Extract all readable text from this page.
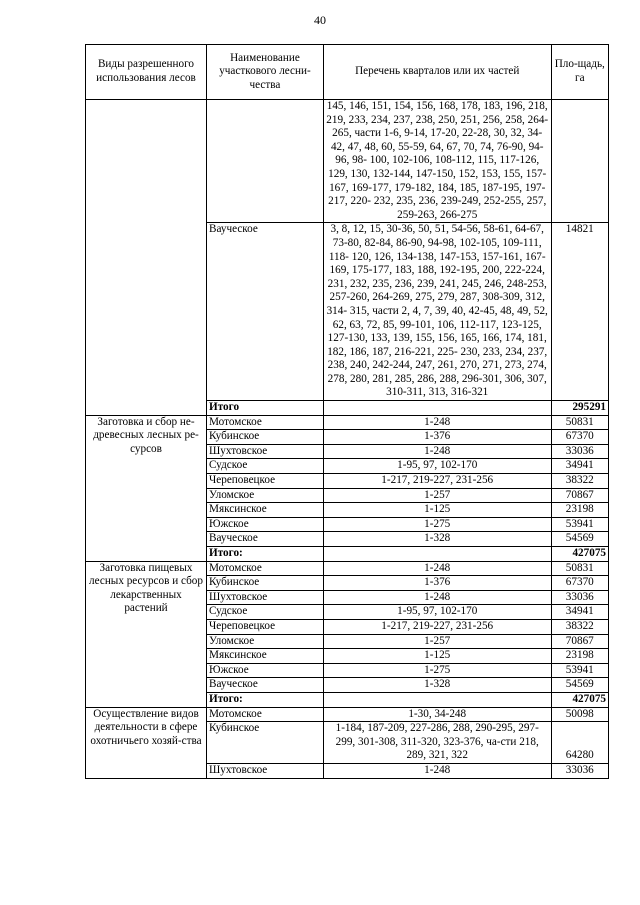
40
Виды разрешенного использования лесов	Наименование участкового лесни-чества	Перечень кварталов или их частей	Пло-щадь, га
		145, 146, 151, 154, 156, 168, 178, 183, 196, 218, 219, 233, 234, 237, 238, 250, 251, 256, 258, 264-265, части 1-6, 9-14, 17-20, 22-28, 30, 32, 34-42, 47, 48, 60, 55-59, 64, 67, 70, 74, 76-90, 94-96, 98- 100, 102-106, 108-112, 115, 117-126, 129, 130, 132-144, 147-150, 152, 153, 155, 157-167, 169-177, 179-182, 184, 185, 187-195, 197-217, 220- 232, 235, 236, 239-249, 252-255, 257, 259-263, 266-275	
	Вауческое	3, 8, 12, 15, 30-36, 50, 51, 54-56, 58-61, 64-67, 73-80, 82-84, 86-90, 94-98, 102-105, 109-111, 118- 120, 126, 134-138, 147-153, 157-161, 167-169, 175-177, 183, 188, 192-195, 200, 222-224, 231, 232, 235, 236, 239, 241, 245, 246, 248-253, 257-260, 264-269, 275, 279, 287, 308-309, 312, 314- 315, части 2, 4, 7, 39, 40, 42-45, 48, 49, 52, 62, 63, 72, 85, 99-101, 106, 112-117, 123-125, 127-130, 133, 139, 155, 156, 165, 166, 174, 181, 182, 186, 187, 216-221, 225- 230, 233, 234, 237, 238, 240, 242-244, 247, 261, 270, 271, 273, 274, 278, 280, 281, 285, 286, 288, 296-301, 306, 307, 310-311, 313, 316-321	14821
	Итого		295291
Заготовка и сбор не-древесных лесных ре-сурсов	Мотомское	1-248	50831
	Кубинское	1-376	67370
	Шухтовское	1-248	33036
	Судское	1-95, 97, 102-170	34941
	Череповецкое	1-217, 219-227, 231-256	38322
	Уломское	1-257	70867
	Мяксинское	1-125	23198
	Южское	1-275	53941
	Вауческое	1-328	54569
	Итого:		427075
Заготовка пищевых лесных ресурсов и сбор лекарственных растений	Мотомское	1-248	50831
	Кубинское	1-376	67370
	Шухтовское	1-248	33036
	Судское	1-95, 97, 102-170	34941
	Череповецкое	1-217, 219-227, 231-256	38322
	Уломское	1-257	70867
	Мяксинское	1-125	23198
	Южское	1-275	53941
	Вауческое	1-328	54569
	Итого:		427075
Осуществление видов деятельности в сфере охотничьего хозяй-ства	Мотомское	1-30, 34-248	50098
	Кубинское	1-184, 187-209, 227-286, 288, 290-295, 297-299, 301-308, 311-320, 323-376, ча-сти 218, 289, 321, 322	64280
	Шухтовское	1-248	33036
